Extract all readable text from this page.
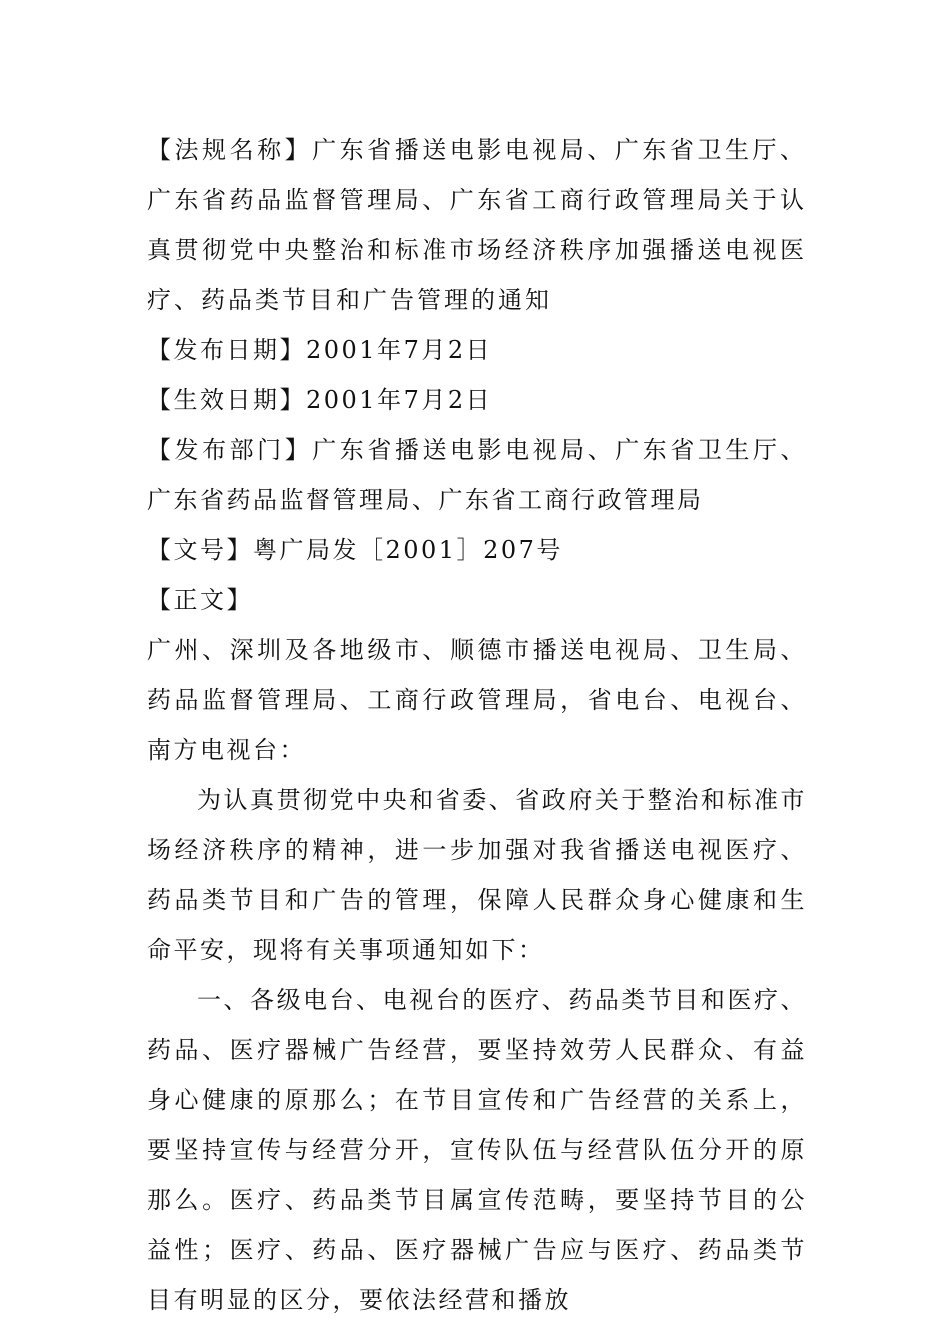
【法规名称】广东省播送电影电视局、广东省卫生厅、广东省药品监督管理局、广东省工商行政管理局关于认真贯彻党中央整治和标准市场经济秩序加强播送电视医疗、药品类节目和广告管理的通知

【发布日期】2001年7月2日

【生效日期】2001年7月2日

【发布部门】广东省播送电影电视局、广东省卫生厅、广东省药品监督管理局、广东省工商行政管理局

【文号】粤广局发［2001］207号

【正文】

广州、深圳及各地级市、顺德市播送电视局、卫生局、药品监督管理局、工商行政管理局，省电台、电视台、南方电视台：

为认真贯彻党中央和省委、省政府关于整治和标准市场经济秩序的精神，进一步加强对我省播送电视医疗、药品类节目和广告的管理，保障人民群众身心健康和生命平安，现将有关事项通知如下：

一、各级电台、电视台的医疗、药品类节目和医疗、药品、医疗器械广告经营，要坚持效劳人民群众、有益身心健康的原那么；在节目宣传和广告经营的关系上，要坚持宣传与经营分开，宣传队伍与经营队伍分开的原那么。医疗、药品类节目属宣传范畴，要坚持节目的公益性；医疗、药品、医疗器械广告应与医疗、药品类节目有明显的区分，要依法经营和播放
